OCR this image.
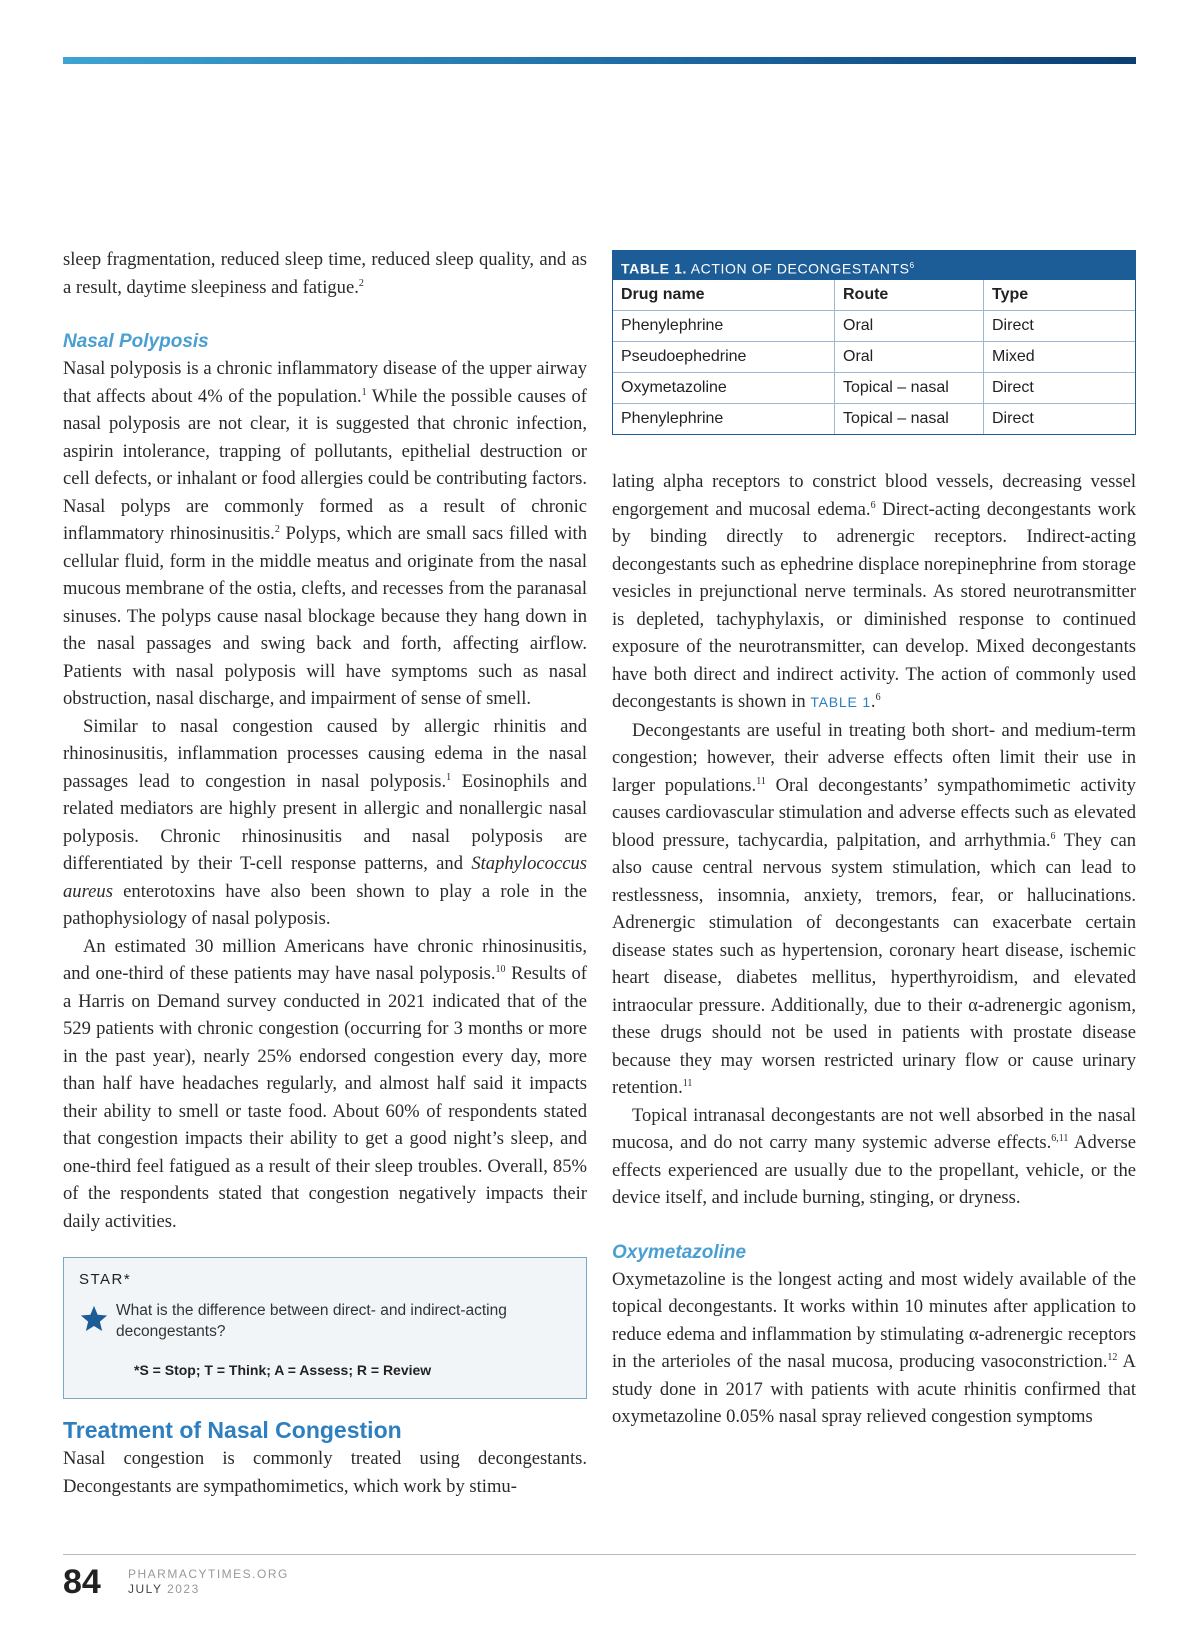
sleep fragmentation, reduced sleep time, reduced sleep quality, and as a result, daytime sleepiness and fatigue.$^2$

Nasal Polyposis

Nasal polyposis is a chronic inflammatory disease of the upper airway that affects about 4% of the population.$^1$ While the possible causes of nasal polyposis are not clear, it is suggested that chronic infection, aspirin intolerance, trapping of pollutants, epithelial destruction or cell defects, or inhalant or food allergies could be contributing factors. Nasal polyps are commonly formed as a result of chronic inflammatory rhinosinusitis.$^2$ Polyps, which are small sacs filled with cellular fluid, form in the middle meatus and originate from the nasal mucous membrane of the ostia, clefts, and recesses from the paranasal sinuses. The polyps cause nasal blockage because they hang down in the nasal passages and swing back and forth, affecting airflow. Patients with nasal polyposis will have symptoms such as nasal obstruction, nasal discharge, and impairment of sense of smell.

Similar to nasal congestion caused by allergic rhinitis and rhinosinusitis, inflammation processes causing edema in the nasal passages lead to congestion in nasal polyposis.$^1$ Eosinophils and related mediators are highly present in allergic and nonallergic nasal polyposis. Chronic rhinosinusitis and nasal polyposis are differentiated by their T-cell response patterns, and Staphylococcus aureus enterotoxins have also been shown to play a role in the pathophysiology of nasal polyposis.

An estimated 30 million Americans have chronic rhinosinusitis, and one-third of these patients may have nasal polyposis.$^{10}$ Results of a Harris on Demand survey conducted in 2021 indicated that of the 529 patients with chronic congestion (occurring for 3 months or more in the past year), nearly 25% endorsed congestion every day, more than half have headaches regularly, and almost half said it impacts their ability to smell or taste food. About 60% of respondents stated that congestion impacts their ability to get a good night’s sleep, and one-third feel fatigued as a result of their sleep troubles. Overall, 85% of the respondents stated that congestion negatively impacts their daily activities.

STAR*
What is the difference between direct- and indirect-acting decongestants?
*S = Stop; T = Think; A = Assess; R = Review
Treatment of Nasal Congestion

Nasal congestion is commonly treated using decongestants. Decongestants are sympathomimetics, which work by stimu-

TABLE 1. ACTION OF DECONGESTANTS$^6$
Drug name	Route	Type
Phenylephrine	Oral	Direct
Pseudoephedrine	Oral	Mixed
Oxymetazoline	Topical – nasal	Direct
Phenylephrine	Topical – nasal	Direct

lating alpha receptors to constrict blood vessels, decreasing vessel engorgement and mucosal edema.$^6$ Direct-acting decongestants work by binding directly to adrenergic receptors. Indirect-acting decongestants such as ephedrine displace norepinephrine from storage vesicles in prejunctional nerve terminals. As stored neurotransmitter is depleted, tachyphylaxis, or diminished response to continued exposure of the neurotransmitter, can develop. Mixed decongestants have both direct and indirect activity. The action of commonly used decongestants is shown in TABLE 1.$^6$

Decongestants are useful in treating both short- and medium-term congestion; however, their adverse effects often limit their use in larger populations.$^{11}$ Oral decongestants’ sympathomimetic activity causes cardiovascular stimulation and adverse effects such as elevated blood pressure, tachycardia, palpitation, and arrhythmia.$^6$ They can also cause central nervous system stimulation, which can lead to restlessness, insomnia, anxiety, tremors, fear, or hallucinations. Adrenergic stimulation of decongestants can exacerbate certain disease states such as hypertension, coronary heart disease, ischemic heart disease, diabetes mellitus, hyperthyroidism, and elevated intraocular pressure. Additionally, due to their α-adrenergic agonism, these drugs should not be used in patients with prostate disease because they may worsen restricted urinary flow or cause urinary retention.$^{11}$

Topical intranasal decongestants are not well absorbed in the nasal mucosa, and do not carry many systemic adverse effects.$^{6,11}$ Adverse effects experienced are usually due to the propellant, vehicle, or the device itself, and include burning, stinging, or dryness.

Oxymetazoline

Oxymetazoline is the longest acting and most widely available of the topical decongestants. It works within 10 minutes after application to reduce edema and inflammation by stimulating α-adrenergic receptors in the arterioles of the nasal mucosa, producing vasoconstriction.$^{12}$ A study done in 2017 with patients with acute rhinitis confirmed that oxymetazoline 0.05% nasal spray relieved congestion symptoms

84 PHARMACYTIMES.ORG
JULY 2023
